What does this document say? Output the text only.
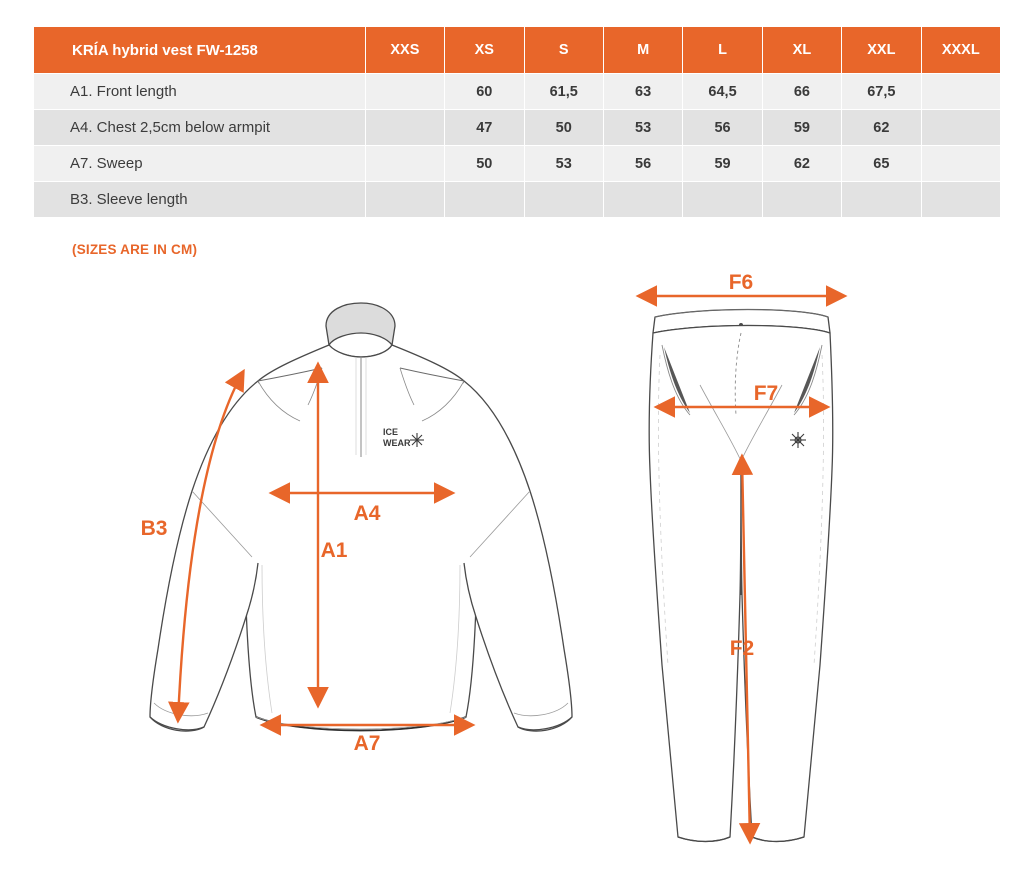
KRÍA hybrid vest FW-1258	XXS	XS	S	M	L	XL	XXL	XXXL
A1. Front length		60	61,5	63	64,5	66	67,5	
A4. Chest 2,5cm below armpit		47	50	53	56	59	62	
A7. Sweep		50	53	56	59	62	65	
B3. Sleeve length								
(SIZES ARE IN CM)
ICE
WEAR
B3
A4
A1
A7
F6
F7
F2
